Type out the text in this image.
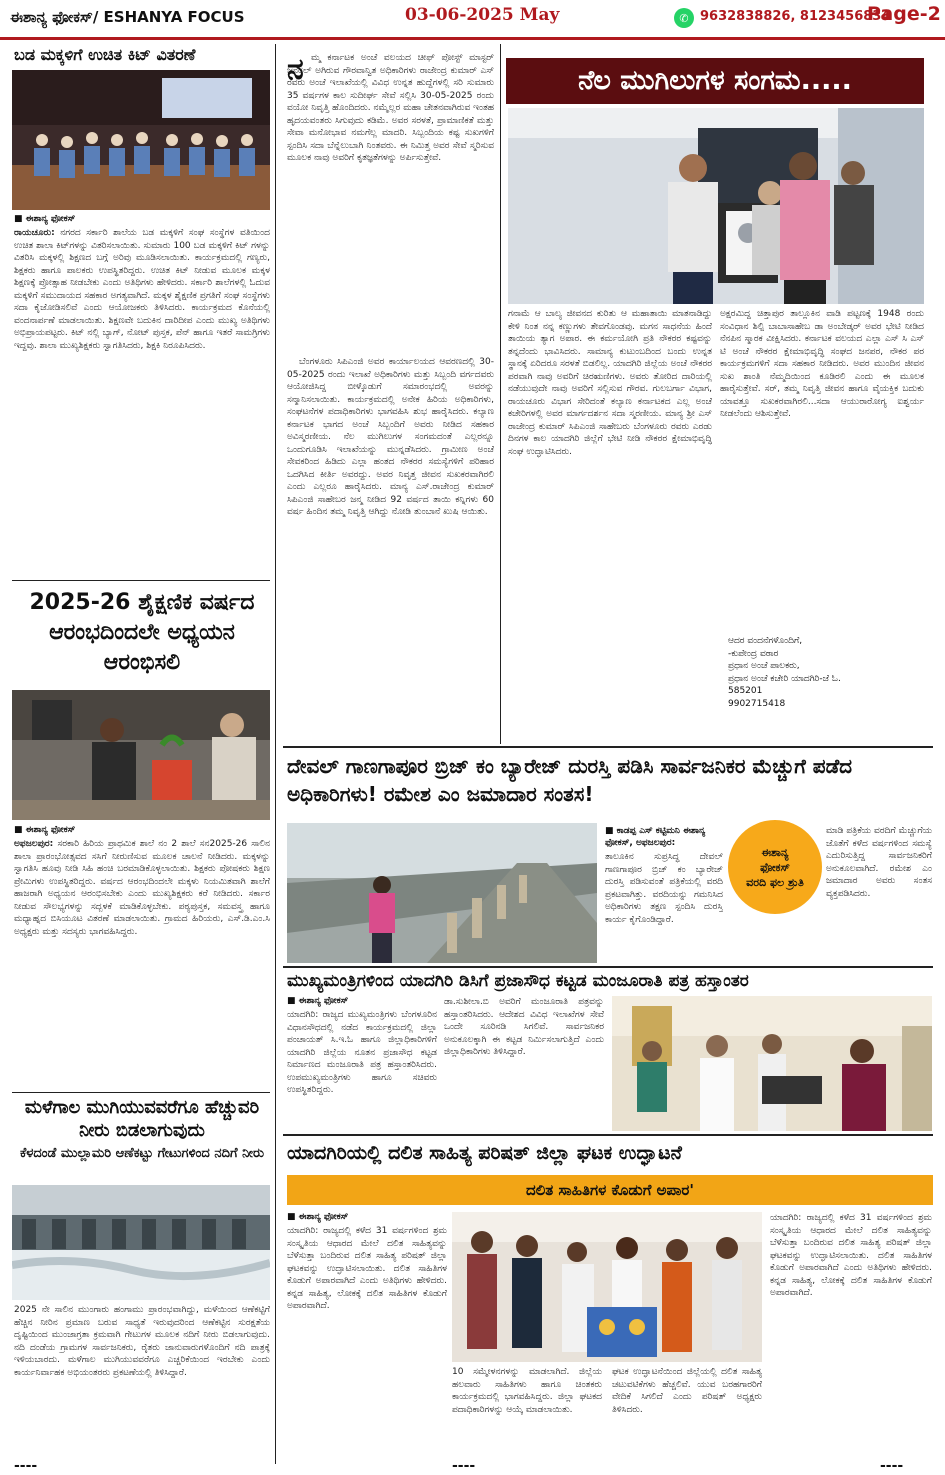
ಈಶಾನ್ಯ ಫೋಕಸ್/ ESHANYA FOCUS	03-06-2025 May	✆ 9632838826, 8123456834
Page-2
ಬಡ ಮಕ್ಕಳಿಗೆ ಉಚಿತ ಕಿಟ್ ವಿತರಣೆ
■ ಈಶಾನ್ಯ ಫೋಕಸ್
ರಾಯಚೂರು: ನಗರದ ಸರ್ಕಾರಿ ಶಾಲೆಯ ಬಡ ಮಕ್ಕಳಿಗೆ ಸಂಘ ಸಂಸ್ಥೆಗಳ ವತಿಯಿಂದ ಉಚಿತ ಶಾಲಾ ಕಿಟ್‌ಗಳನ್ನು ವಿತರಿಸಲಾಯಿತು. ಸುಮಾರು 100 ಬಡ ಮಕ್ಕಳಿಗೆ ಕಿಟ್ ಗಳನ್ನು ವಿತರಿಸಿ ಮಕ್ಕಳಲ್ಲಿ ಶಿಕ್ಷಣದ ಬಗ್ಗೆ ಅರಿವು ಮೂಡಿಸಲಾಯಿತು. ಕಾರ್ಯಕ್ರಮದಲ್ಲಿ ಗಣ್ಯರು, ಶಿಕ್ಷಕರು ಹಾಗೂ ಪಾಲಕರು ಉಪಸ್ಥಿತರಿದ್ದರು. ಉಚಿತ ಕಿಟ್ ನೀಡುವ ಮೂಲಕ ಮಕ್ಕಳ ಶಿಕ್ಷಣಕ್ಕೆ ಪ್ರೋತ್ಸಾಹ ನೀಡಬೇಕು ಎಂದು ಅತಿಥಿಗಳು ಹೇಳಿದರು. ಸರ್ಕಾರಿ ಶಾಲೆಗಳಲ್ಲಿ ಓದುವ ಮಕ್ಕಳಿಗೆ ಸಮುದಾಯದ ಸಹಕಾರ ಅಗತ್ಯವಾಗಿದೆ. ಮಕ್ಕಳ ಶೈಕ್ಷಣಿಕ ಪ್ರಗತಿಗೆ ಸಂಘ ಸಂಸ್ಥೆಗಳು ಸದಾ ಕೈಜೋಡಿಸಲಿವೆ ಎಂದು ಆಯೋಜಕರು ತಿಳಿಸಿದರು. ಕಾರ್ಯಕ್ರಮದ ಕೊನೆಯಲ್ಲಿ ವಂದನಾರ್ಪಣೆ ಮಾಡಲಾಯಿತು. ಶಿಕ್ಷಣವೇ ಬದುಕಿನ ದಾರಿದೀಪ ಎಂದು ಮುಖ್ಯ ಅತಿಥಿಗಳು ಅಭಿಪ್ರಾಯಪಟ್ಟರು. ಕಿಟ್ ನಲ್ಲಿ ಬ್ಯಾಗ್, ನೋಟ್ ಪುಸ್ತಕ, ಪೆನ್ ಹಾಗೂ ಇತರೆ ಸಾಮಗ್ರಿಗಳು ಇದ್ದವು. ಶಾಲಾ ಮುಖ್ಯಶಿಕ್ಷಕರು ಸ್ವಾಗತಿಸಿದರು, ಶಿಕ್ಷಕಿ ನಿರೂಪಿಸಿದರು.
2025-26 ಶೈಕ್ಷಣಿಕ ವರ್ಷದ ಆರಂಭದಿಂದಲೇ ಅಧ್ಯಯನ ಆರಂಭಿಸಲಿ
■ ಈಶಾನ್ಯ ಫೋಕಸ್
ಅಫಜಲಪುರ: ಸರಕಾರಿ ಹಿರಿಯ ಪ್ರಾಥಮಿಕ ಶಾಲೆ ನಂ 2 ಶಾಲೆ ಸನ2025-26 ಸಾಲಿನ ಶಾಲಾ ಪ್ರಾರಂಭೋತ್ಸವದ ಸಸಿಗೆ ನೀರುಣಿಸುವ ಮೂಲಕ ಚಾಲನೆ ನೀಡಿದರು. ಮಕ್ಕಳನ್ನು ಸ್ವಾಗತಿಸಿ ಹೂವು ನೀಡಿ ಸಿಹಿ ಹಂಚಿ ಬರಮಾಡಿಕೊಳ್ಳಲಾಯಿತು. ಶಿಕ್ಷಕರು ಪೋಷಕರು ಶಿಕ್ಷಣ ಪ್ರೇಮಿಗಳು ಉಪಸ್ಥಿತರಿದ್ದರು. ವರ್ಷದ ಆರಂಭದಿಂದಲೇ ಮಕ್ಕಳು ನಿಯಮಿತವಾಗಿ ಶಾಲೆಗೆ ಹಾಜರಾಗಿ ಅಧ್ಯಯನ ಆರಂಭಿಸಬೇಕು ಎಂದು ಮುಖ್ಯಶಿಕ್ಷಕರು ಕರೆ ನೀಡಿದರು. ಸರ್ಕಾರ ನೀಡುವ ಸೌಲಭ್ಯಗಳನ್ನು ಸದ್ಬಳಕೆ ಮಾಡಿಕೊಳ್ಳಬೇಕು. ಪಠ್ಯಪುಸ್ತಕ, ಸಮವಸ್ತ್ರ ಹಾಗೂ ಮಧ್ಯಾಹ್ನದ ಬಿಸಿಯೂಟ ವಿತರಣೆ ಮಾಡಲಾಯಿತು. ಗ್ರಾಮದ ಹಿರಿಯರು, ಎಸ್.ಡಿ.ಎಂ.ಸಿ ಅಧ್ಯಕ್ಷರು ಮತ್ತು ಸದಸ್ಯರು ಭಾಗವಹಿಸಿದ್ದರು.
ಮಳೆಗಾಲ ಮುಗಿಯುವವರೆಗೂ ಹೆಚ್ಚುವರಿ ನೀರು ಬಿಡಲಾಗುವುದು
ಕೆಳದಂಡೆ ಮುಲ್ಲಾಮರಿ ಆಣೆಕಟ್ಟು ಗೇಟುಗಳಿಂದ ನದಿಗೆ ನೀರು
2025 ನೇ ಸಾಲಿನ ಮುಂಗಾರು ಹಂಗಾಮು ಪ್ರಾರಂಭವಾಗಿದ್ದು, ಮಳೆಯಿಂದ ಆಣೆಕಟ್ಟಿಗೆ ಹೆಚ್ಚಿನ ನೀರಿನ ಪ್ರಮಾಣ ಬರುವ ಸಾಧ್ಯತೆ ಇರುವುದರಿಂದ ಆಣೆಕಟ್ಟಿನ ಸುರಕ್ಷತೆಯ ದೃಷ್ಟಿಯಿಂದ ಮುಂಜಾಗ್ರತಾ ಕ್ರಮವಾಗಿ ಗೇಟುಗಳ ಮೂಲಕ ನದಿಗೆ ನೀರು ಬಿಡಲಾಗುವುದು. ನದಿ ದಂಡೆಯ ಗ್ರಾಮಗಳ ಸಾರ್ವಜನಿಕರು, ರೈತರು ಜಾನುವಾರುಗಳೊಂದಿಗೆ ನದಿ ಪಾತ್ರಕ್ಕೆ ಇಳಿಯಬಾರದು. ಮಳೆಗಾಲ ಮುಗಿಯುವವರೆಗೂ ಎಚ್ಚರಿಕೆಯಿಂದ ಇರಬೇಕು ಎಂದು ಕಾರ್ಯನಿರ್ವಾಹಕ ಅಭಿಯಂತರರು ಪ್ರಕಟಣೆಯಲ್ಲಿ ತಿಳಿಸಿದ್ದಾರೆ.
----
ನ ಮ್ಮ ಕರ್ನಾಟಕ ಅಂಚೆ ವಲಯದ ಚೀಫ್ ಪೋಸ್ಟ್ ಮಾಸ್ಟರ್ ಜನರಲ್ ಅಗಿರುವ ಗೌರವಾನ್ವಿತ ಅಧಿಕಾರಿಗಳು ರಾಜೇಂದ್ರ ಕುಮಾರ್ ಎಸ್ ರವರು ಅಂಚೆ ಇಲಾಖೆಯಲ್ಲಿ ವಿವಿಧ ಉನ್ನತ ಹುದ್ದೆಗಳಲ್ಲಿ ಸರಿ ಸುಮಾರು 35 ವರ್ಷಗಳ ಕಾಲ ಸುದೀರ್ಘ ಸೇವೆ ಸಲ್ಲಿಸಿ 30-05-2025 ರಂದು ವಯೋ ನಿವೃತ್ತಿ ಹೊಂದಿದರು. ನಮ್ಮೆಲ್ಲರ ಮಹಾ ಚೇತನವಾಗಿರುವ ಇಂತಹ ಹೃದಯವಂತರು ಸಿಗುವುದು ಕಡಿಮೆ. ಅವರ ಸರಳತೆ, ಪ್ರಾಮಾಣಿಕತೆ ಮತ್ತು ಸೇವಾ ಮನೋಭಾವ ನಮಗೆಲ್ಲ ಮಾದರಿ. ಸಿಬ್ಬಂದಿಯ ಕಷ್ಟ ಸುಖಗಳಿಗೆ ಸ್ಪಂದಿಸಿ ಸದಾ ಬೆನ್ನೆಲುಬಾಗಿ ನಿಂತವರು. ಈ ನಿಮಿತ್ತ ಅವರ ಸೇವೆ ಸ್ಮರಿಸುವ ಮೂಲಕ ನಾವು ಅವರಿಗೆ ಕೃತಜ್ಞತೆಗಳನ್ನು ಅರ್ಪಿಸುತ್ತೇವೆ.
ಬೆಂಗಳೂರು ಸಿಪಿಎಂಜಿ ಅವರ ಕಾರ್ಯಾಲಯದ ಆವರಣದಲ್ಲಿ 30-05-2025 ರಂದು ಇಲಾಖೆ ಅಧಿಕಾರಿಗಳು ಮತ್ತು ಸಿಬ್ಬಂದಿ ವರ್ಗದವರು ಆಯೋಜಿಸಿದ್ದ ಬೀಳ್ಕೊಡುಗೆ ಸಮಾರಂಭದಲ್ಲಿ ಅವರನ್ನು ಸನ್ಮಾನಿಸಲಾಯಿತು. ಕಾರ್ಯಕ್ರಮದಲ್ಲಿ ಅನೇಕ ಹಿರಿಯ ಅಧಿಕಾರಿಗಳು, ಸಂಘಟನೆಗಳ ಪದಾಧಿಕಾರಿಗಳು ಭಾಗವಹಿಸಿ ಶುಭ ಹಾರೈಸಿದರು. ಕಲ್ಯಾಣ ಕರ್ನಾಟಕ ಭಾಗದ ಅಂಚೆ ಸಿಬ್ಬಂದಿಗೆ ಅವರು ನೀಡಿದ ಸಹಕಾರ ಅವಿಸ್ಮರಣೀಯ. ನೆಲ ಮುಗಿಲುಗಳ ಸಂಗಮದಂತೆ ಎಲ್ಲರನ್ನೂ ಒಂದುಗೂಡಿಸಿ ಇಲಾಖೆಯನ್ನು ಮುನ್ನಡೆಸಿದರು. ಗ್ರಾಮೀಣ ಅಂಚೆ ಸೇವಕರಿಂದ ಹಿಡಿದು ಎಲ್ಲಾ ಹಂತದ ನೌಕರರ ಸಮಸ್ಯೆಗಳಿಗೆ ಪರಿಹಾರ ಒದಗಿಸಿದ ಕೀರ್ತಿ ಅವರದ್ದು. ಅವರ ನಿವೃತ್ತ ಜೀವನ ಸುಖಕರವಾಗಿರಲಿ ಎಂದು ಎಲ್ಲರೂ ಹಾರೈಸಿದರು. ಮಾನ್ಯ ಎಸ್.ರಾಜೇಂದ್ರ ಕುಮಾರ್ ಸಿಪಿಎಂಜಿ ಸಾಹೇಬರ ಜನ್ಮ ನೀಡಿದ 92 ವರ್ಷದ ತಾಯಿ ಕನ್ನಿಗಳು 60 ವರ್ಷ ಹಿಂದಿನ ತಮ್ಮ ನಿವೃತ್ತಿ ಆಗಿದ್ದು ನೋಡಿ ತುಂಬಾನೆ ಖುಷಿ ಆಯಿತು.
ನೆಲ ಮುಗಿಲುಗಳ ಸಂಗಮ.....
ಗನಾಮೆ ಆ ಬಾಲ್ಯ ಜೀವನದ ಕುರಿತು ಆ ಮಹಾತಾಯಿ ಮಾತನಾಡಿದ್ದು ಕೇಳಿ ನಿಂತ ನನ್ನ ಕಣ್ಣುಗಳು ತೇವಗೊಂಡವು. ಮಗನ ಸಾಧನೆಯ ಹಿಂದೆ ತಾಯಿಯ ತ್ಯಾಗ ಅಪಾರ. ಈ ಕರ್ಮಯೋಗಿ ಪ್ರತಿ ನೌಕರರ ಕಷ್ಟವನ್ನು ತನ್ನದೆಂದು ಭಾವಿಸಿದರು. ಸಾಮಾನ್ಯ ಕುಟುಂಬದಿಂದ ಬಂದು ಉನ್ನತ ಸ್ಥಾನಕ್ಕೆ ಏರಿದರೂ ಸರಳತೆ ಬಿಡಲಿಲ್ಲ. ಯಾದಗಿರಿ ಜಿಲ್ಲೆಯ ಅಂಚೆ ನೌಕರರ ಪರವಾಗಿ ನಾವು ಅವರಿಗೆ ಚಿರಋಣಿಗಳು. ಅವರು ತೋರಿದ ದಾರಿಯಲ್ಲಿ ನಡೆಯುವುದೇ ನಾವು ಅವರಿಗೆ ಸಲ್ಲಿಸುವ ಗೌರವ. ಗುಲಬರ್ಗಾ ವಿಭಾಗ, ರಾಯಚೂರು ವಿಭಾಗ ಸೇರಿದಂತೆ ಕಲ್ಯಾಣ ಕರ್ನಾಟಕದ ಎಲ್ಲ ಅಂಚೆ ಕಚೇರಿಗಳಲ್ಲಿ ಅವರ ಮಾರ್ಗದರ್ಶನ ಸದಾ ಸ್ಮರಣೀಯ. ಮಾನ್ಯ ಶ್ರೀ ಎಸ್ ರಾಜೇಂದ್ರ ಕುಮಾರ್ ಸಿಪಿಎಂಜಿ ಸಾಹೇಬರು ಬೆಂಗಳೂರು ರವರು ಎರಡು ದಿನಗಳ ಕಾಲ ಯಾದಗಿರಿ ಜಿಲ್ಲೆಗೆ ಭೇಟಿ ನೀಡಿ ನೌಕರರ ಕ್ಷೇಮಾಭಿವೃದ್ಧಿ ಸಂಘ ಉದ್ಘಾಟಿಸಿದರು.
ಅಕ್ಷರಮಿದ್ದ ಚಿತ್ತಾಪುರ ತಾಲ್ಲೂಕಿನ ವಾಡಿ ಪಟ್ಟಣಕ್ಕೆ 1948 ರಂದು ಸಂವಿಧಾನ ಶಿಲ್ಪಿ ಬಾಬಾಸಾಹೇಬ ಡಾ ಅಂಬೇಡ್ಕರ್ ಅವರ ಭೇಟಿ ನೀಡಿದ ನೆನಪಿನ ಸ್ಮಾರಕ ವೀಕ್ಷಿಸಿದರು. ಕರ್ನಾಟಕ ವಲಯದ ಎಲ್ಲಾ ಎಸ್ ಸಿ ಎಸ್ ಟಿ ಅಂಚೆ ನೌಕರರ ಕ್ಷೇಮಾಭಿವೃದ್ಧಿ ಸಂಘದ ಜನಪರ, ನೌಕರ ಪರ ಕಾರ್ಯಕ್ರಮಗಳಿಗೆ ಸದಾ ಸಹಕಾರ ನೀಡಿದರು. ಅವರ ಮುಂದಿನ ಜೀವನ ಸುಖ ಶಾಂತಿ ನೆಮ್ಮದಿಯಿಂದ ಕೂಡಿರಲಿ ಎಂದು ಈ ಮೂಲಕ ಹಾರೈಸುತ್ತೇವೆ. ಸರ್, ತಮ್ಮ ನಿವೃತ್ತಿ ಜೀವನ ಹಾಗೂ ವೈಯಕ್ತಿಕ ಬದುಕು ಯಾವತ್ತೂ ಸುಖಕರವಾಗಿರಲಿ...ಸದಾ ಆಯುರಾರೋಗ್ಯ ಐಶ್ವರ್ಯ ನೀಡಲೆಂದು ಆಶಿಸುತ್ತೇವೆ.
ಆದರ ವಂದನೆಗಳೊಂದಿಗೆ,
-ಕುಪೇಂದ್ರ ವಠಾರ
ಪ್ರಧಾನ ಅಂಚೆ ಪಾಲಕರು,
ಪ್ರಧಾನ ಅಂಚೆ ಕಚೇರಿ ಯಾದಗಿರಿ-ಜೆ ಓ.
585201
9902715418
ದೇವಲ್ ಗಾಣಗಾಪೂರ ಬ್ರಿಜ್ ಕಂ ಬ್ಯಾರೇಜ್ ದುರಸ್ತಿ ಪಡಿಸಿ ಸಾರ್ವಜನಿಕರ ಮೆಚ್ಚುಗೆ ಪಡೆದ ಅಧಿಕಾರಿಗಳು! ರಮೇಶ ಎಂ ಜಮಾದಾರ ಸಂತಸ!
■ ಕಾಡಪ್ಪ ಎಸ್ ಕಟ್ಟಿಮನಿ ಈಶಾನ್ಯ ಫೋಕಸ್, ಅಫಜಲಪುರ:
ತಾಲೂಕಿನ ಸುಪ್ರಸಿದ್ಧ ದೇವಲ್ ಗಾಣಗಾಪೂರ ಬ್ರಿಜ್ ಕಂ ಬ್ಯಾರೇಜ್ ದುರಸ್ತಿ ಪಡಿಸುವಂತೆ ಪತ್ರಿಕೆಯಲ್ಲಿ ವರದಿ ಪ್ರಕಟವಾಗಿತ್ತು. ವರದಿಯನ್ನು ಗಮನಿಸಿದ ಅಧಿಕಾರಿಗಳು ತಕ್ಷಣ ಸ್ಪಂದಿಸಿ ದುರಸ್ತಿ ಕಾರ್ಯ ಕೈಗೊಂಡಿದ್ದಾರೆ.
ಈಶಾನ್ಯ
ಫೋಕಸ್
ವರದಿ ಫಲ ಶ್ರುತಿ
ಮಾಡಿ ಪತ್ರಿಕೆಯ ವರದಿಗೆ ಮೆಚ್ಚುಗೆಯ ಜೊತೆಗೆ ಕಳೆದ ವರ್ಷಗಳಿಂದ ಸಮಸ್ಯೆ ಎದುರಿಸುತ್ತಿದ್ದ ಸಾರ್ವಜನಿಕರಿಗೆ ಅನುಕೂಲವಾಗಿದೆ. ರಮೇಶ ಎಂ ಜಮಾದಾರ ಅವರು ಸಂತಸ ವ್ಯಕ್ತಪಡಿಸಿದರು.
ಮುಖ್ಯಮಂತ್ರಿಗಳಿಂದ ಯಾದಗಿರಿ ಡಿಸಿಗೆ ಪ್ರಜಾಸೌಧ ಕಟ್ಟಡ ಮಂಜೂರಾತಿ ಪತ್ರ ಹಸ್ತಾಂತರ
■ ಈಶಾನ್ಯ ಫೋಕಸ್
ಯಾದಗಿರಿ: ರಾಜ್ಯದ ಮುಖ್ಯಮಂತ್ರಿಗಳು ಬೆಂಗಳೂರಿನ ವಿಧಾನಸೌಧದಲ್ಲಿ ನಡೆದ ಕಾರ್ಯಕ್ರಮದಲ್ಲಿ ಜಿಲ್ಲಾ ಪಂಚಾಯತ್ ಸಿ.ಇ.ಓ ಹಾಗೂ ಜಿಲ್ಲಾಧಿಕಾರಿಗಳಿಗೆ ಯಾದಗಿರಿ ಜಿಲ್ಲೆಯ ನೂತನ ಪ್ರಜಾಸೌಧ ಕಟ್ಟಡ ನಿರ್ಮಾಣದ ಮಂಜೂರಾತಿ ಪತ್ರ ಹಸ್ತಾಂತರಿಸಿದರು. ಉಪಮುಖ್ಯಮಂತ್ರಿಗಳು ಹಾಗೂ ಸಚಿವರು ಉಪಸ್ಥಿತರಿದ್ದರು.
ಡಾ.ಸುಶೀಲಾ.ಬಿ ಅವರಿಗೆ ಮಂಜೂರಾತಿ ಪತ್ರವನ್ನು ಹಸ್ತಾಂತರಿಸಿದರು. ಆದೇಶದ ವಿವಿಧ ಇಲಾಖೆಗಳ ಸೇವೆ ಒಂದೇ ಸೂರಿನಡಿ ಸಿಗಲಿವೆ. ಸಾರ್ವಜನಿಕರ ಅನುಕೂಲಕ್ಕಾಗಿ ಈ ಕಟ್ಟಡ ನಿರ್ಮಿಸಲಾಗುತ್ತಿದೆ ಎಂದು ಜಿಲ್ಲಾಧಿಕಾರಿಗಳು ತಿಳಿಸಿದ್ದಾರೆ.
ಯಾದಗಿರಿಯಲ್ಲಿ ದಲಿತ ಸಾಹಿತ್ಯ ಪರಿಷತ್ ಜಿಲ್ಲಾ ಘಟಕ ಉದ್ಘಾಟನೆ
ದಲಿತ ಸಾಹಿತಿಗಳ ಕೊಡುಗೆ ಅಪಾರ'
■ ಈಶಾನ್ಯ ಫೋಕಸ್
ಯಾದಗಿರಿ: ರಾಜ್ಯದಲ್ಲಿ ಕಳೆದ 31 ವರ್ಷಗಳಿಂದ ಶ್ರಮ ಸಂಸ್ಕೃತಿಯ ಆಧಾರದ ಮೇಲೆ ದಲಿತ ಸಾಹಿತ್ಯವನ್ನು ಬೆಳೆಸುತ್ತಾ ಬಂದಿರುವ ದಲಿತ ಸಾಹಿತ್ಯ ಪರಿಷತ್ ಜಿಲ್ಲಾ ಘಟಕವನ್ನು ಉದ್ಘಾಟಿಸಲಾಯಿತು. ದಲಿತ ಸಾಹಿತಿಗಳ ಕೊಡುಗೆ ಅಪಾರವಾಗಿದೆ ಎಂದು ಅತಿಥಿಗಳು ಹೇಳಿದರು. ಕನ್ನಡ ಸಾಹಿತ್ಯ, ಲೋಕಕ್ಕೆ ದಲಿತ ಸಾಹಿತಿಗಳ ಕೊಡುಗೆ ಅಪಾರವಾಗಿದೆ.
10 ಸಮ್ಮೇಳನಗಳನ್ನು ಮಾಡಲಾಗಿದೆ. ಜಿಲ್ಲೆಯ ಹಲವಾರು ಸಾಹಿತಿಗಳು ಹಾಗೂ ಚಿಂತಕರು ಕಾರ್ಯಕ್ರಮದಲ್ಲಿ ಭಾಗವಹಿಸಿದ್ದರು. ಜಿಲ್ಲಾ ಘಟಕದ ಪದಾಧಿಕಾರಿಗಳನ್ನು ಆಯ್ಕೆ ಮಾಡಲಾಯಿತು.
ಘಟಕ ಉದ್ಘಾಟನೆಯಿಂದ ಜಿಲ್ಲೆಯಲ್ಲಿ ದಲಿತ ಸಾಹಿತ್ಯ ಚಟುವಟಿಕೆಗಳು ಹೆಚ್ಚಲಿವೆ. ಯುವ ಬರಹಗಾರರಿಗೆ ವೇದಿಕೆ ಸಿಗಲಿದೆ ಎಂದು ಪರಿಷತ್ ಅಧ್ಯಕ್ಷರು ತಿಳಿಸಿದರು.
ಯಾದಗಿರಿ: ರಾಜ್ಯದಲ್ಲಿ ಕಳೆದ 31 ವರ್ಷಗಳಿಂದ ಶ್ರಮ ಸಂಸ್ಕೃತಿಯ ಆಧಾರದ ಮೇಲೆ ದಲಿತ ಸಾಹಿತ್ಯವನ್ನು ಬೆಳೆಸುತ್ತಾ ಬಂದಿರುವ ದಲಿತ ಸಾಹಿತ್ಯ ಪರಿಷತ್ ಜಿಲ್ಲಾ ಘಟಕವನ್ನು ಉದ್ಘಾಟಿಸಲಾಯಿತು. ದಲಿತ ಸಾಹಿತಿಗಳ ಕೊಡುಗೆ ಅಪಾರವಾಗಿದೆ ಎಂದು ಅತಿಥಿಗಳು ಹೇಳಿದರು. ಕನ್ನಡ ಸಾಹಿತ್ಯ, ಲೋಕಕ್ಕೆ ದಲಿತ ಸಾಹಿತಿಗಳ ಕೊಡುಗೆ ಅಪಾರವಾಗಿದೆ.
----	----
